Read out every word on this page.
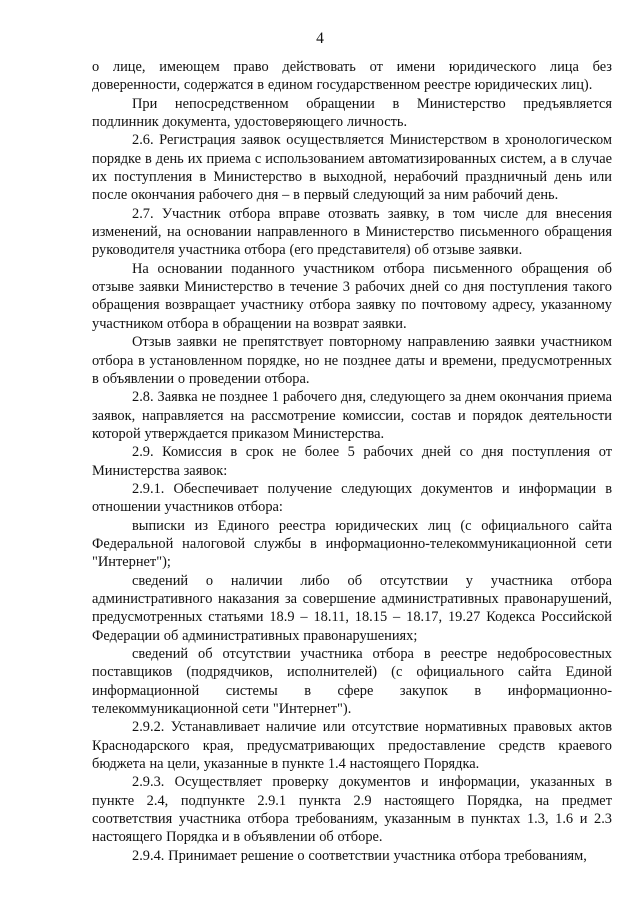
4

о лице, имеющем право действовать от имени юридического лица без доверенности, содержатся в едином государственном реестре юридических лиц).

При непосредственном обращении в Министерство предъявляется подлинник документа, удостоверяющего личность.

2.6. Регистрация заявок осуществляется Министерством в хронологическом порядке в день их приема с использованием автоматизированных систем, а в случае их поступления в Министерство в выходной, нерабочий праздничный день или после окончания рабочего дня – в первый следующий за ним рабочий день.

2.7. Участник отбора вправе отозвать заявку, в том числе для внесения изменений, на основании направленного в Министерство письменного обращения руководителя участника отбора (его представителя) об отзыве заявки.

На основании поданного участником отбора письменного обращения об отзыве заявки Министерство в течение 3 рабочих дней со дня поступления такого обращения возвращает участнику отбора заявку по почтовому адресу, указанному участником отбора в обращении на возврат заявки.

Отзыв заявки не препятствует повторному направлению заявки участником отбора в установленном порядке, но не позднее даты и времени, предусмотренных в объявлении о проведении отбора.

2.8. Заявка не позднее 1 рабочего дня, следующего за днем окончания приема заявок, направляется на рассмотрение комиссии, состав и порядок деятельности которой утверждается приказом Министерства.

2.9. Комиссия в срок не более 5 рабочих дней со дня поступления от Министерства заявок:

2.9.1. Обеспечивает получение следующих документов и информации в отношении участников отбора:

выписки из Единого реестра юридических лиц (с официального сайта Федеральной налоговой службы в информационно-телекоммуникационной сети "Интернет");

сведений о наличии либо об отсутствии у участника отбора административного наказания за совершение административных правонарушений, предусмотренных статьями 18.9 – 18.11, 18.15 – 18.17, 19.27 Кодекса Российской Федерации об административных правонарушениях;

сведений об отсутствии участника отбора в реестре недобросовестных поставщиков (подрядчиков, исполнителей) (с официального сайта Единой информационной системы в сфере закупок в информационно-телекоммуникационной сети "Интернет").

2.9.2. Устанавливает наличие или отсутствие нормативных правовых актов Краснодарского края, предусматривающих предоставление средств краевого бюджета на цели, указанные в пункте 1.4 настоящего Порядка.

2.9.3. Осуществляет проверку документов и информации, указанных в пункте 2.4, подпункте 2.9.1 пункта 2.9 настоящего Порядка, на предмет соответствия участника отбора требованиям, указанным в пунктах 1.3, 1.6 и 2.3 настоящего Порядка и в объявлении об отборе.

2.9.4. Принимает решение о соответствии участника отбора требованиям,
